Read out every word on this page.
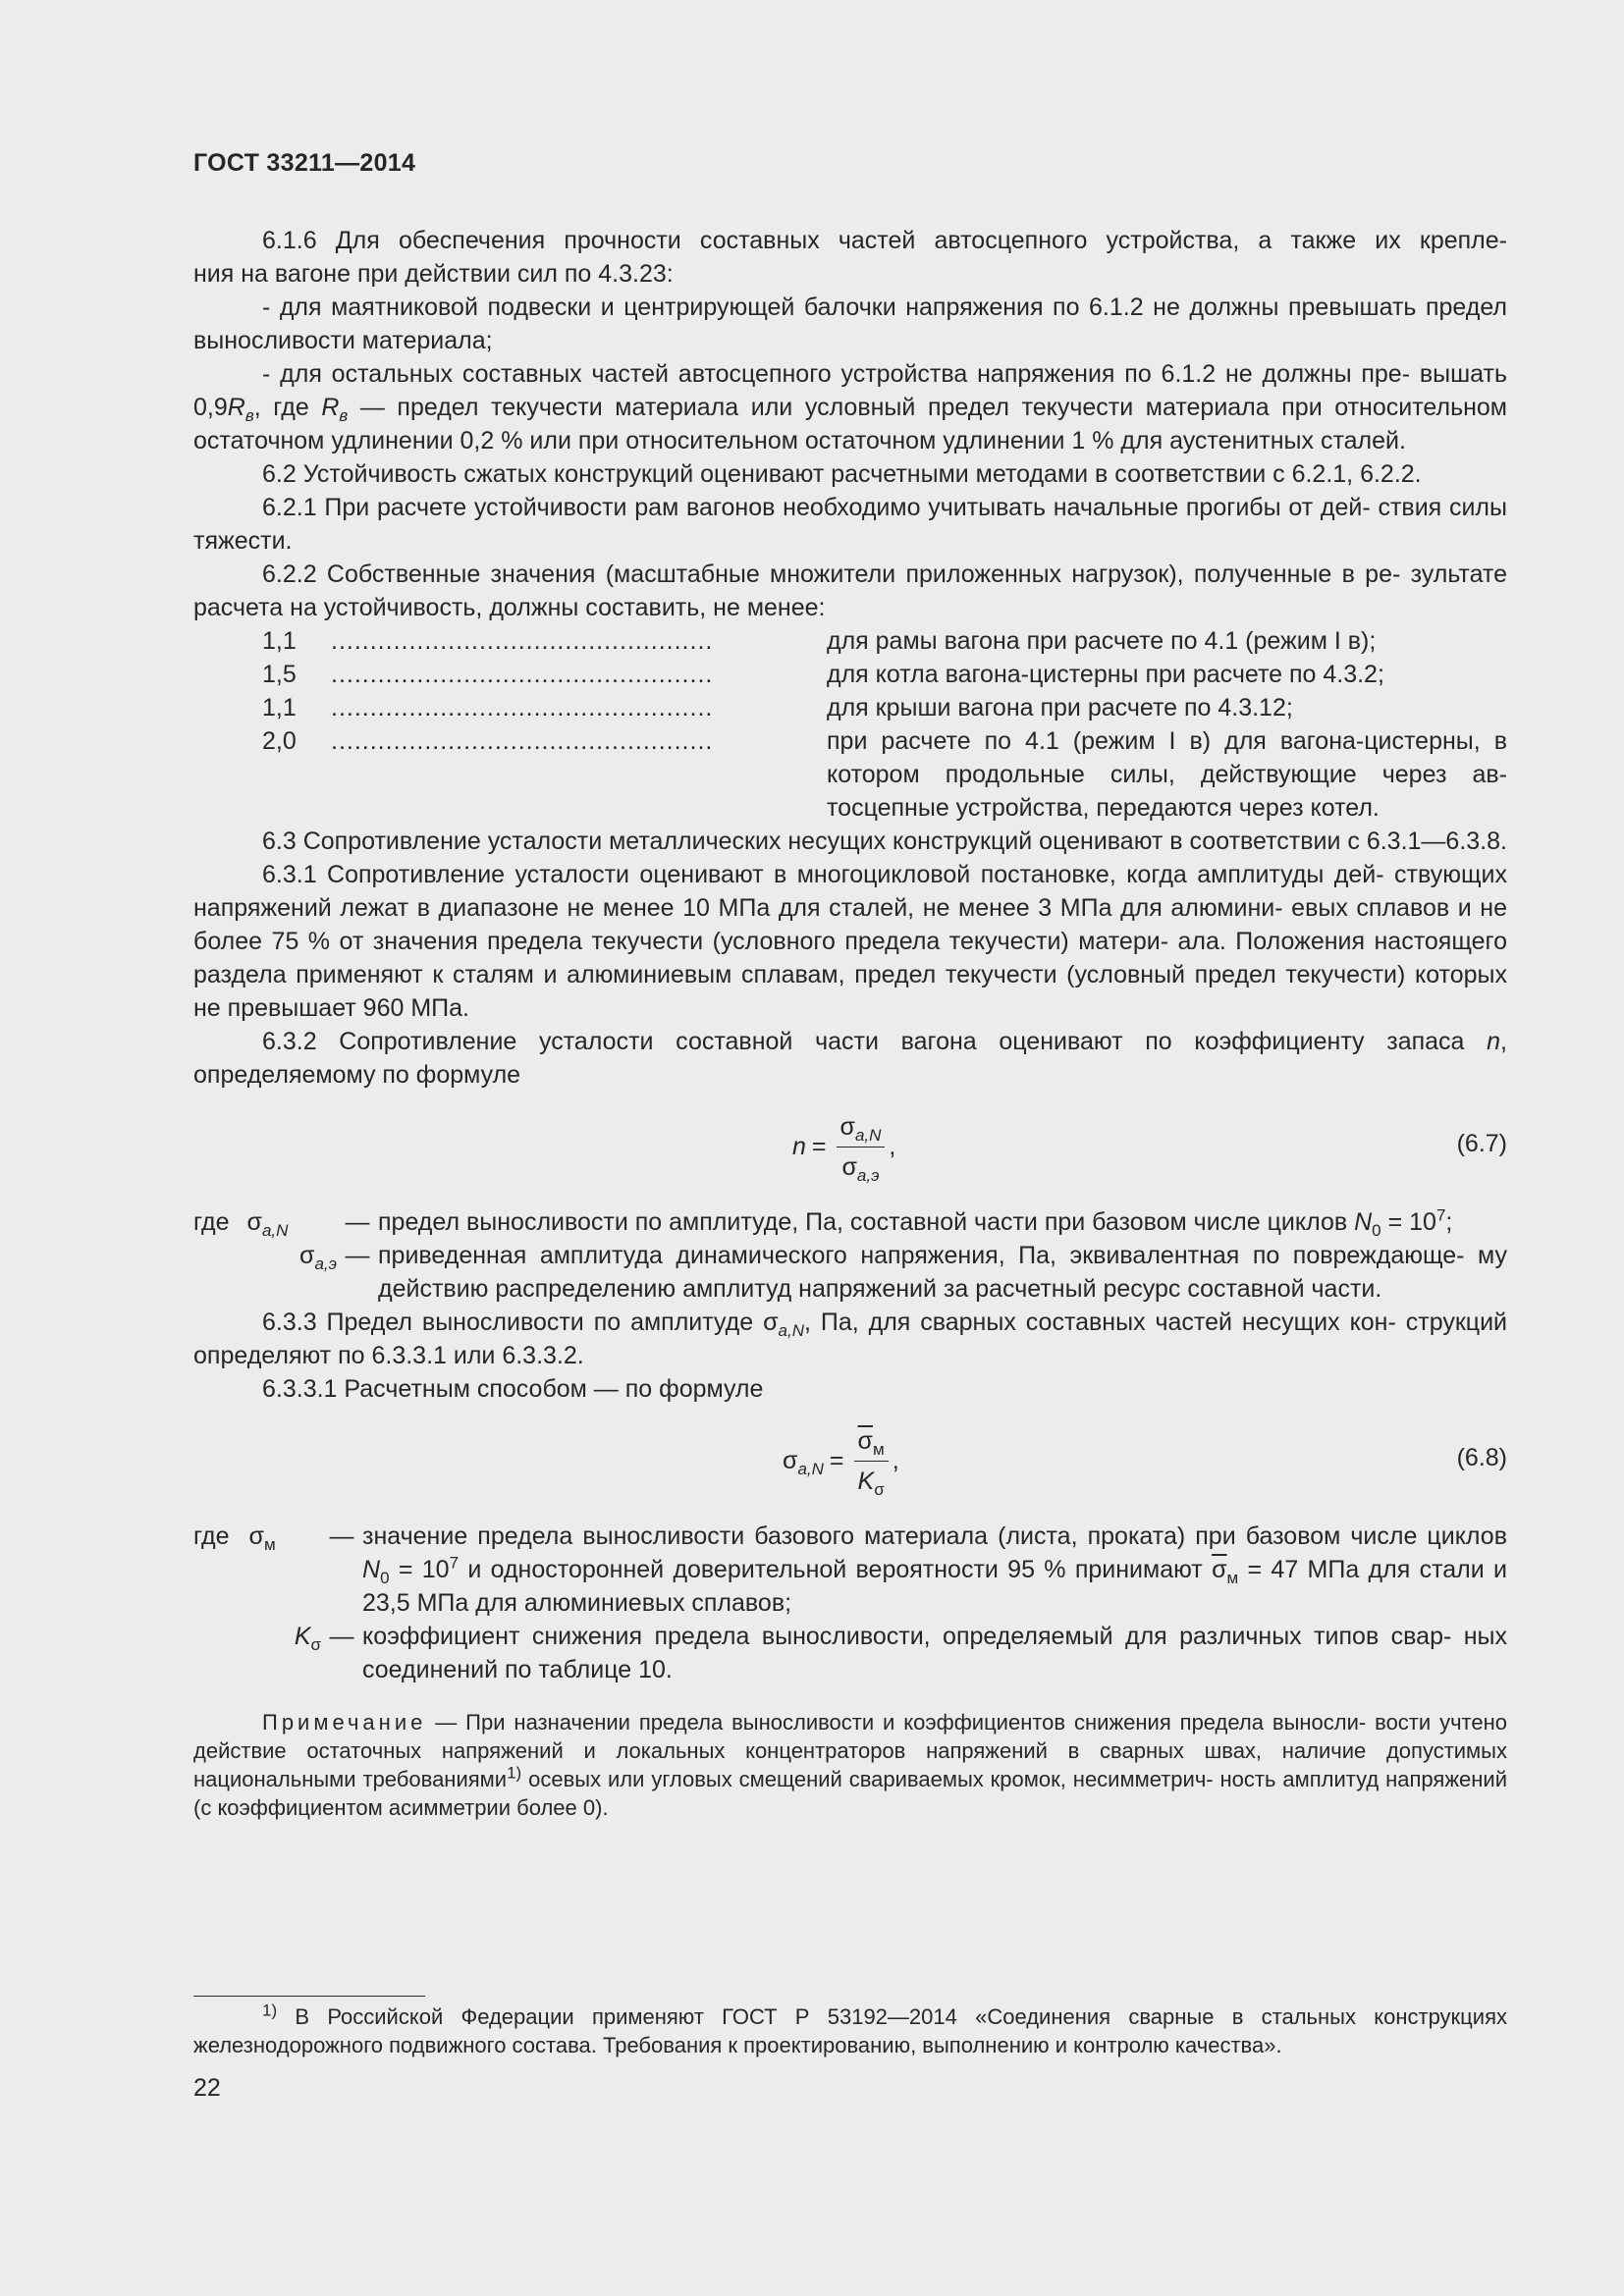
ГОСТ 33211—2014

6.1.6 Для обеспечения прочности составных частей автосцепного устройства, а также их крепле-

ния на вагоне при действии сил по 4.3.23:

- для маятниковой подвески и центрирующей балочки напряжения по 6.1.2 не должны превышать предел выносливости материала;

- для остальных составных частей автосцепного устройства напряжения по 6.1.2 не должны пре- вышать $0,9R_в$, где $R_в$ — предел текучести материала или условный предел текучести материала при относительном остаточном удлинении 0,2 % или при относительном остаточном удлинении 1 % для аустенитных сталей.

6.2 Устойчивость сжатых конструкций оценивают расчетными методами в соответствии с 6.2.1, 6.2.2.

6.2.1 При расчете устойчивости рам вагонов необходимо учитывать начальные прогибы от дей- ствия силы тяжести.

6.2.2 Собственные значения (масштабные множители приложенных нагрузок), полученные в ре- зультате расчета на устойчивость, должны составить, не менее:

1,1	.................................................	для рамы вагона при расчете по 4.1 (режим I в);
1,5	.................................................	для котла вагона-цистерны при расчете по 4.3.2;
1,1	.................................................	для крыши вагона при расчете по 4.3.12;
2,0	.................................................	при расчете по 4.1 (режим I в) для вагона-цистерны, в котором продольные силы, действующие через ав- тосцепные устройства, передаются через котел.

6.3 Сопротивление усталости металлических несущих конструкций оценивают в соответствии с 6.3.1—6.3.8.

6.3.1 Сопротивление усталости оценивают в многоцикловой постановке, когда амплитуды дей- ствующих напряжений лежат в диапазоне не менее 10 МПа для сталей, не менее 3 МПа для алюмини- евых сплавов и не более 75 % от значения предела текучести (условного предела текучести) матери- ала. Положения настоящего раздела применяют к сталям и алюминиевым сплавам, предел текучести (условный предел текучести) которых не превышает 960 МПа.

6.3.2 Сопротивление усталости составной части вагона оценивают по коэффициенту запаса n, определяемому по формуле

$n = \frac{\sigma_{a,N}}{\sigma_{a,э}}$ ,	(6.7)
где $\sigma_{a,N}$	— предел выносливости по амплитуде, Па, составной части при базовом числе циклов $N_0 = 10^7$;
$\sigma_{a,э}$ — приведенная амплитуда динамического напряжения, Па, эквивалентная по повреждающе- му действию распределению амплитуд напряжений за расчетный ресурс составной части.

6.3.3 Предел выносливости по амплитуде $\sigma_{a,N}$, Па, для сварных составных частей несущих кон- струкций определяют по 6.3.3.1 или 6.3.3.2.

6.3.3.1 Расчетным способом — по формуле

$\sigma_{a,N} = \frac{\overline{\sigma}_м}{K_\sigma}$ ,	(6.8)
где $\sigma_м$	— значение предела выносливости базового материала (листа, проката) при базовом числе циклов $N_0 = 10^7$ и односторонней доверительной вероятности 95 % принимают $\overline{\sigma}_м = 47$ МПа для стали и 23,5 МПа для алюминиевых сплавов;
$K_\sigma$ — коэффициент снижения предела выносливости, определяемый для различных типов свар- ных соединений по таблице 10.

Примечание — При назначении предела выносливости и коэффициентов снижения предела выносли- вости учтено действие остаточных напряжений и локальных концентраторов напряжений в сварных швах, наличие допустимых национальными требованиями$^{1)}$ осевых или угловых смещений свариваемых кромок, несимметрич- ность амплитуд напряжений (с коэффициентом асимметрии более 0).

$^{1)}$ В Российской Федерации применяют ГОСТ Р 53192—2014 «Соединения сварные в стальных конструкциях железнодорожного подвижного состава. Требования к проектированию, выполнению и контролю качества».

22
